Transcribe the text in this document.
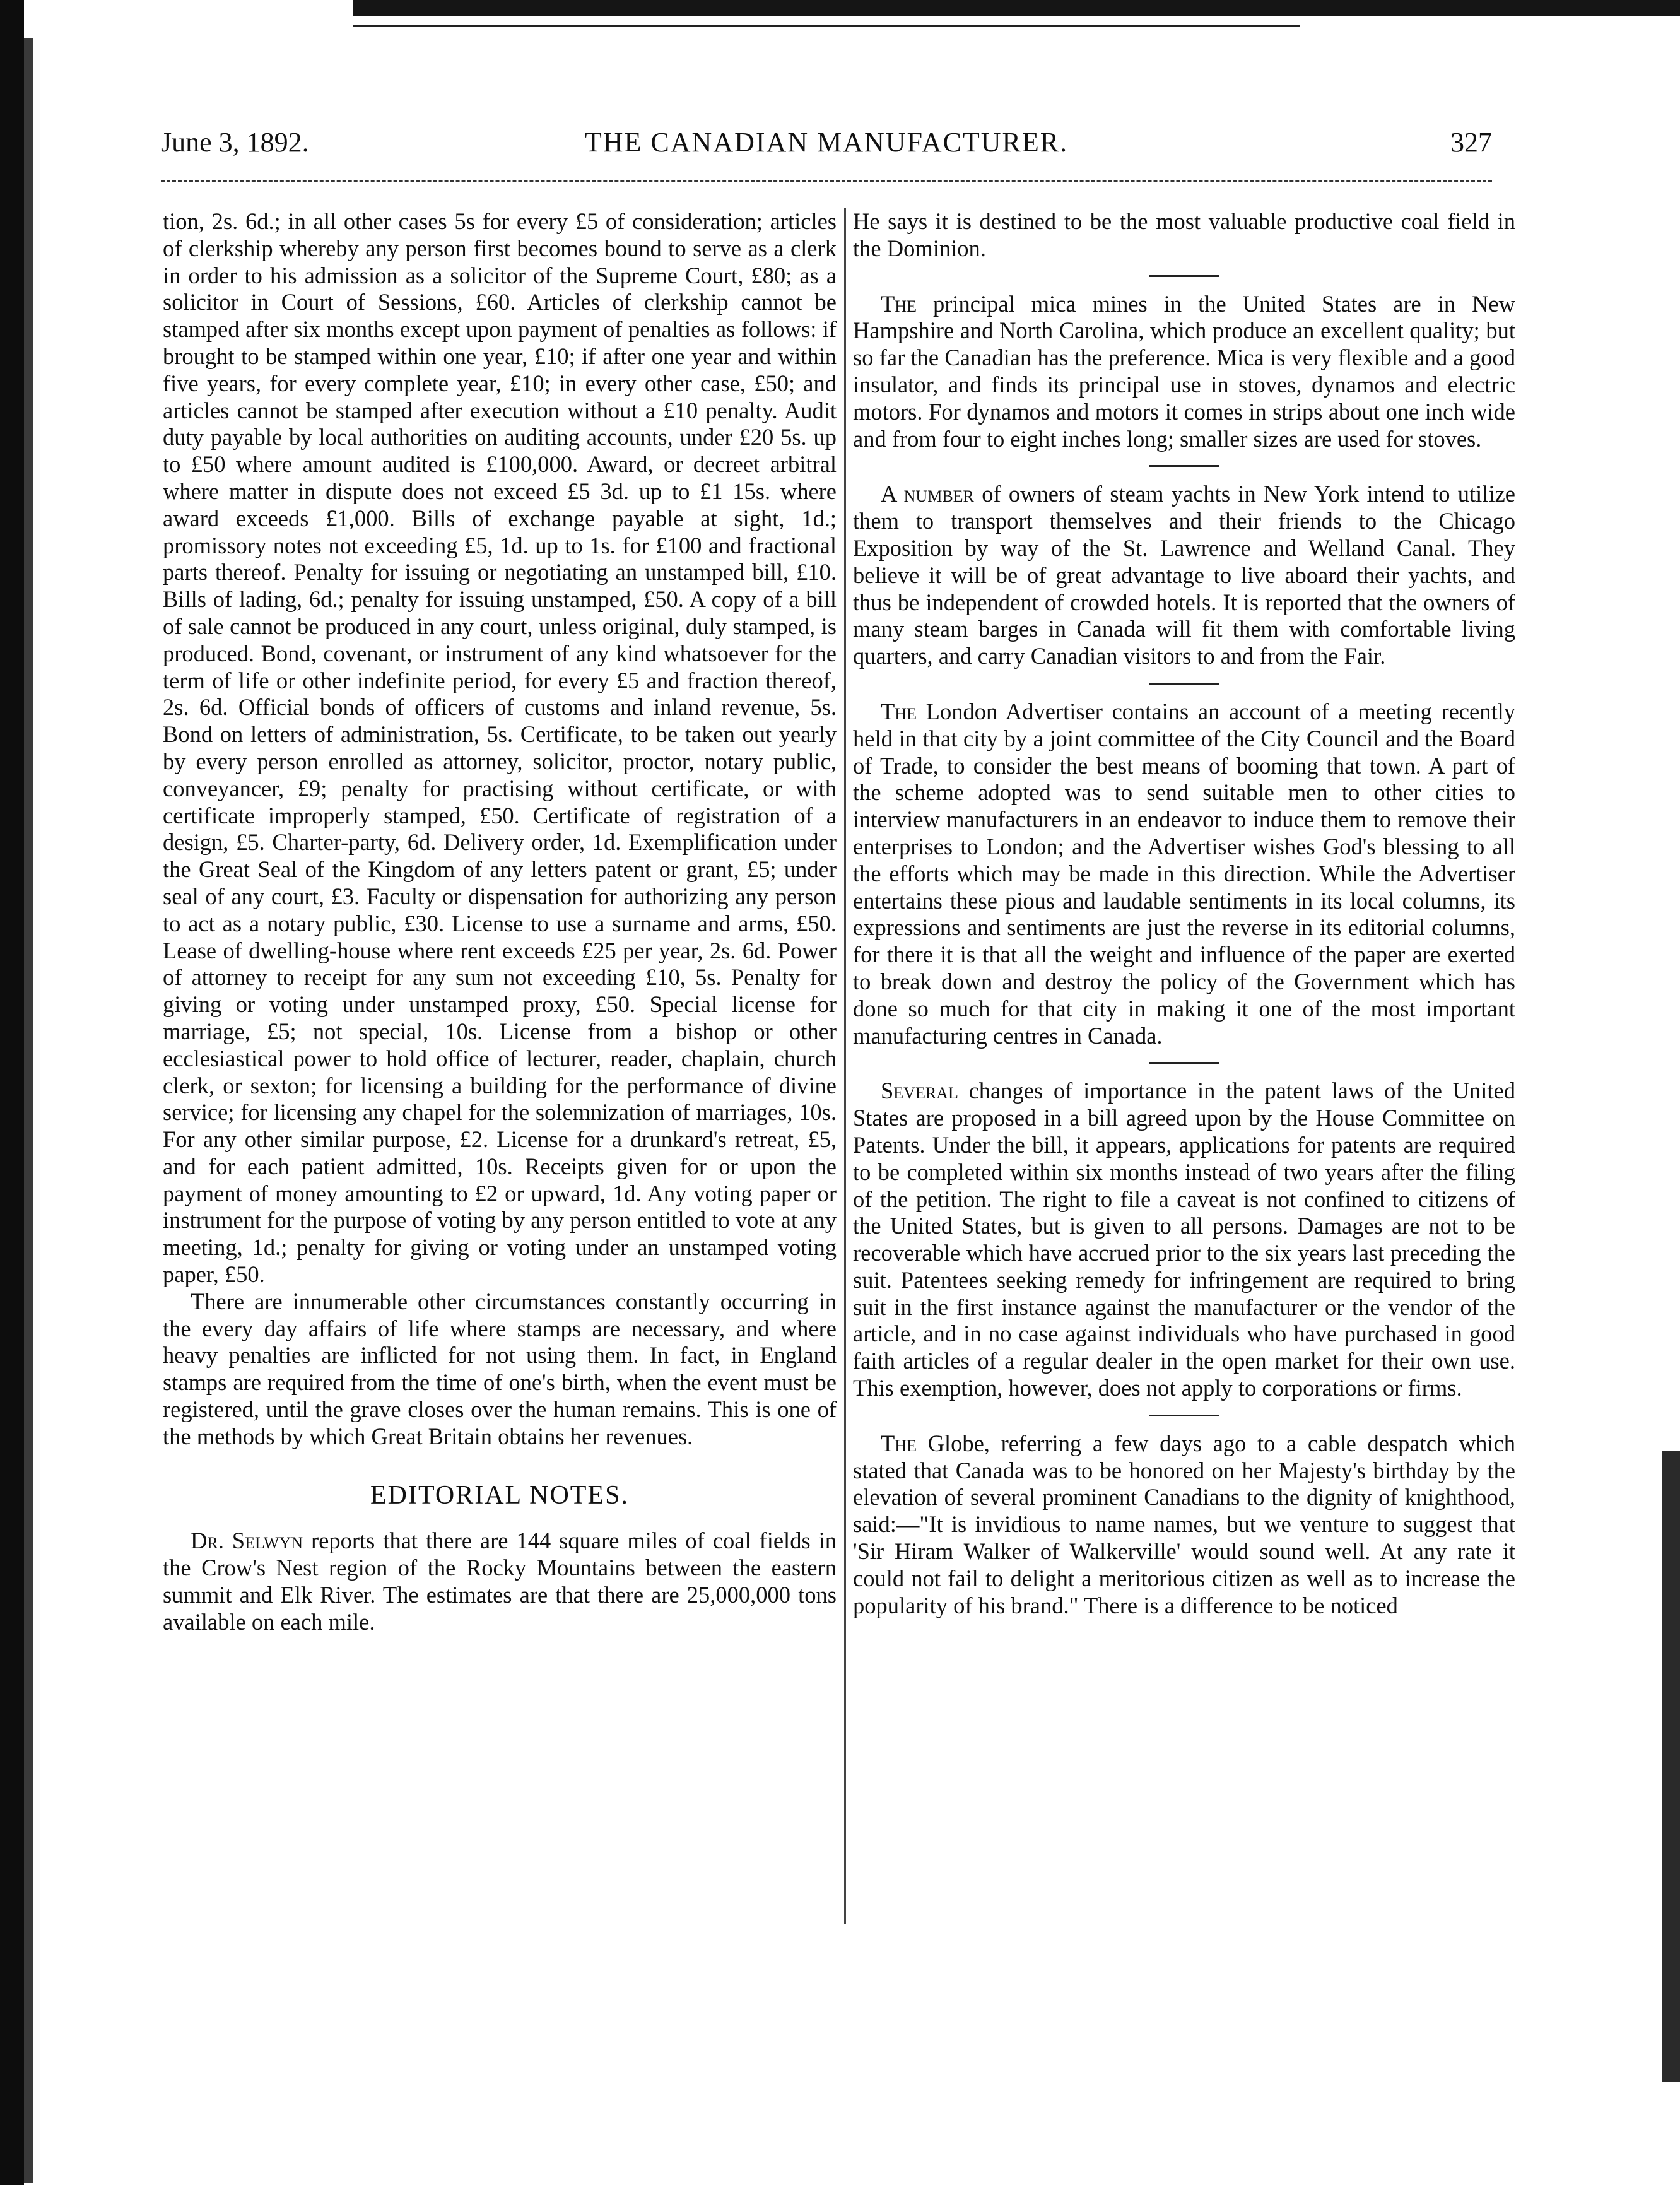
June 3, 1892.	THE CANADIAN MANUFACTURER.	327

tion, 2s. 6d.; in all other cases 5s for every £5 of consideration; articles of clerkship whereby any person first becomes bound to serve as a clerk in order to his admission as a solicitor of the Supreme Court, £80; as a solicitor in Court of Sessions, £60. Articles of clerkship cannot be stamped after six months except upon payment of penalties as follows: if brought to be stamped within one year, £10; if after one year and within five years, for every complete year, £10; in every other case, £50; and articles cannot be stamped after execution without a £10 penalty. Audit duty payable by local authorities on auditing accounts, under £20 5s. up to £50 where amount audited is £100,000. Award, or decreet arbitral where matter in dispute does not exceed £5 3d. up to £1 15s. where award exceeds £1,000. Bills of exchange payable at sight, 1d.; promissory notes not exceeding £5, 1d. up to 1s. for £100 and fractional parts thereof. Penalty for issuing or negotiating an unstamped bill, £10. Bills of lading, 6d.; penalty for issuing unstamped, £50. A copy of a bill of sale cannot be produced in any court, unless original, duly stamped, is produced. Bond, covenant, or instrument of any kind whatsoever for the term of life or other indefinite period, for every £5 and fraction thereof, 2s. 6d. Official bonds of officers of customs and inland revenue, 5s. Bond on letters of administration, 5s. Certificate, to be taken out yearly by every person enrolled as attorney, solicitor, proctor, notary public, conveyancer, £9; penalty for practising without certificate, or with certificate improperly stamped, £50. Certificate of registration of a design, £5. Charter-party, 6d. Delivery order, 1d. Exemplification under the Great Seal of the Kingdom of any letters patent or grant, £5; under seal of any court, £3. Faculty or dispensation for authorizing any person to act as a notary public, £30. License to use a surname and arms, £50. Lease of dwelling-house where rent exceeds £25 per year, 2s. 6d. Power of attorney to receipt for any sum not exceeding £10, 5s. Penalty for giving or voting under unstamped proxy, £50. Special license for marriage, £5; not special, 10s. License from a bishop or other ecclesiastical power to hold office of lecturer, reader, chaplain, church clerk, or sexton; for licensing a building for the performance of divine service; for licensing any chapel for the solemnization of marriages, 10s. For any other similar purpose, £2. License for a drunkard's retreat, £5, and for each patient admitted, 10s. Receipts given for or upon the payment of money amounting to £2 or upward, 1d. Any voting paper or instrument for the purpose of voting by any person entitled to vote at any meeting, 1d.; penalty for giving or voting under an unstamped voting paper, £50.

There are innumerable other circumstances constantly occurring in the every day affairs of life where stamps are necessary, and where heavy penalties are inflicted for not using them. In fact, in England stamps are required from the time of one's birth, when the event must be registered, until the grave closes over the human remains. This is one of the methods by which Great Britain obtains her revenues.

EDITORIAL NOTES.

Dr. Selwyn reports that there are 144 square miles of coal fields in the Crow's Nest region of the Rocky Mountains between the eastern summit and Elk River. The estimates are that there are 25,000,000 tons available on each mile.

He says it is destined to be the most valuable productive coal field in the Dominion.

The principal mica mines in the United States are in New Hampshire and North Carolina, which produce an excellent quality; but so far the Canadian has the preference. Mica is very flexible and a good insulator, and finds its principal use in stoves, dynamos and electric motors. For dynamos and motors it comes in strips about one inch wide and from four to eight inches long; smaller sizes are used for stoves.

A number of owners of steam yachts in New York intend to utilize them to transport themselves and their friends to the Chicago Exposition by way of the St. Lawrence and Welland Canal. They believe it will be of great advantage to live aboard their yachts, and thus be independent of crowded hotels. It is reported that the owners of many steam barges in Canada will fit them with comfortable living quarters, and carry Canadian visitors to and from the Fair.

The London Advertiser contains an account of a meeting recently held in that city by a joint committee of the City Council and the Board of Trade, to consider the best means of booming that town. A part of the scheme adopted was to send suitable men to other cities to interview manufacturers in an endeavor to induce them to remove their enterprises to London; and the Advertiser wishes God's blessing to all the efforts which may be made in this direction. While the Advertiser entertains these pious and laudable sentiments in its local columns, its expressions and sentiments are just the reverse in its editorial columns, for there it is that all the weight and influence of the paper are exerted to break down and destroy the policy of the Government which has done so much for that city in making it one of the most important manufacturing centres in Canada.

Several changes of importance in the patent laws of the United States are proposed in a bill agreed upon by the House Committee on Patents. Under the bill, it appears, applications for patents are required to be completed within six months instead of two years after the filing of the petition. The right to file a caveat is not confined to citizens of the United States, but is given to all persons. Damages are not to be recoverable which have accrued prior to the six years last preceding the suit. Patentees seeking remedy for infringement are required to bring suit in the first instance against the manufacturer or the vendor of the article, and in no case against individuals who have purchased in good faith articles of a regular dealer in the open market for their own use. This exemption, however, does not apply to corporations or firms.

The Globe, referring a few days ago to a cable despatch which stated that Canada was to be honored on her Majesty's birthday by the elevation of several prominent Canadians to the dignity of knighthood, said:—"It is invidious to name names, but we venture to suggest that 'Sir Hiram Walker of Walkerville' would sound well. At any rate it could not fail to delight a meritorious citizen as well as to increase the popularity of his brand." There is a difference to be noticed
